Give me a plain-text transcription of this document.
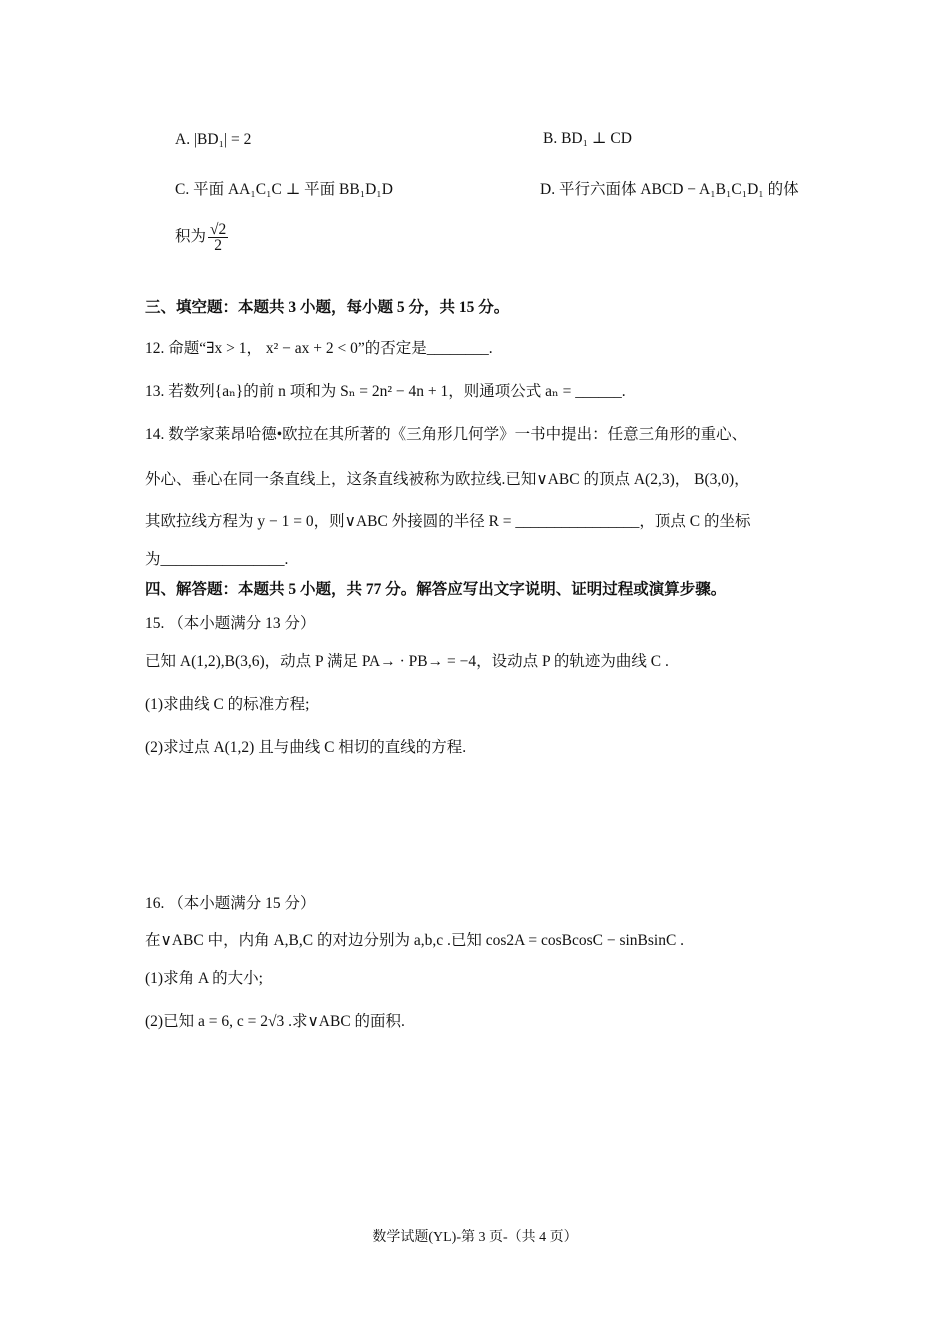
A. |BD₁| = 2	B. BD₁ ⊥ CD
C. 平面 AA₁C₁C ⊥ 平面 BB₁D₁D	D. 平行六面体 ABCD − A₁B₁C₁D₁ 的体
积为 $\frac{√2}{2}$
三、填空题：本题共 3 小题，每小题 5 分，共 15 分。
12. 命题“∃x > 1， x² − ax + 2 < 0”的否定是________.
13. 若数列{aₙ}的前 n 项和为 Sₙ = 2n² − 4n + 1，则通项公式 aₙ = ______.
14. 数学家莱昂哈德•欧拉在其所著的《三角形几何学》一书中提出：任意三角形的重心、
外心、垂心在同一条直线上，这条直线被称为欧拉线.已知∨ABC 的顶点 A(2,3)， B(3,0)，
其欧拉线方程为 y − 1 = 0，则∨ABC 外接圆的半径 R = ________________，顶点 C 的坐标
为________________.
四、解答题：本题共 5 小题，共 77 分。解答应写出文字说明、证明过程或演算步骤。
15. （本小题满分 13 分）
已知 A(1,2),B(3,6)，动点 P 满足 PA→ · PB→ = −4，设动点 P 的轨迹为曲线 C .
(1)求曲线 C 的标准方程;
(2)求过点 A(1,2) 且与曲线 C 相切的直线的方程.
16. （本小题满分 15 分）
在∨ABC 中，内角 A,B,C 的对边分别为 a,b,c .已知 cos2A = cosBcosC − sinBsinC .
(1)求角 A 的大小;
(2)已知 a = 6, c = 2√3 .求∨ABC 的面积.
数学试题(YL)-第 3 页-（共 4 页）
